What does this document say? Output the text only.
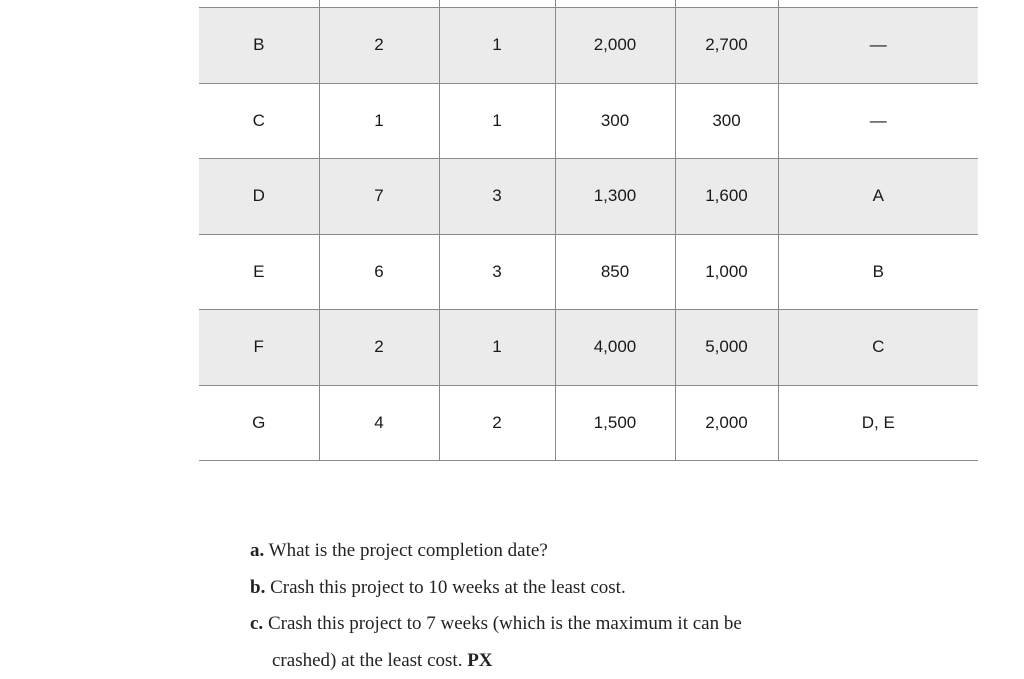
B	2	1	2,000	2,700	—
C	1	1	300	300	—
D	7	3	1,300	1,600	A
E	6	3	850	1,000	B
F	2	1	4,000	5,000	C
G	4	2	1,500	2,000	D, E
a. What is the project completion date?
b. Crash this project to 10 weeks at the least cost.
c. Crash this project to 7 weeks (which is the maximum it can be
crashed) at the least cost. PX
